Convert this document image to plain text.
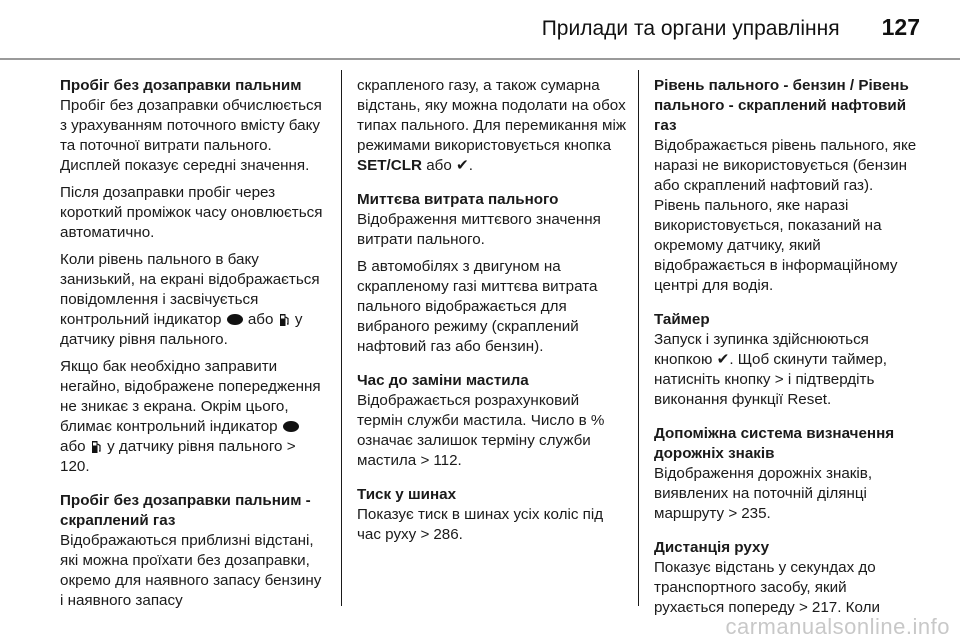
Прилади та органи управління 127
Пробіг без дозаправки пальним

Пробіг без дозаправки обчислюється з урахуванням поточного вмісту баку та поточної витрати пального. Дисплей показує середні значення.

Після дозаправки пробіг через короткий проміжок часу оновлюється автоматично.

Коли рівень пального в баку занизький, на екрані відображається повідомлення і засвічується контрольний індикатор або у датчику рівня пального.

Якщо бак необхідно заправити негайно, відображене попередження не зникає з екрана. Окрім цього, блимає контрольний індикатор  або у датчику рівня пального >120.

Пробіг без дозаправки пальним - скраплений газ

Відображаються приблизні відстані, які можна проїхати без дозаправки, окремо для наявного запасу бензину і наявного запасу

скрапленого газу, а також сумарна відстань, яку можна подолати на обох типах пального. Для перемикання між режимами використовується кнопка SET/CLR або ✔.

Миттєва витрата пального

Відображення миттєвого значення витрати пального.

В автомобілях з двигуном на скрапленому газі миттєва витрата пального відображається для вибраного режиму (скраплений нафтовий газ або бензин).

Час до заміни мастила

Відображається розрахунковий термін служби мастила. Число в % означає залишок терміну служби мастила > 112.

Тиск у шинах

Показує тиск в шинах усіх коліс під час руху > 286.

Рівень пального - бензин / Рівень пального - скраплений нафтовий газ

Відображається рівень пального, яке наразі не використовується (бензин або скраплений нафтовий газ). Рівень пального, яке наразі використовується, показаний на окремому датчику, який відображається в інформаційному центрі для водія.

Таймер

Запуск і зупинка здійснюються кнопкою ✔. Щоб скинути таймер, натисніть кнопку > і підтвердіть виконання функції Reset.

Допоміжна система визначення дорожніх знаків

Відображення дорожніх знаків, виявлених на поточній ділянці маршруту > 235.

Дистанція руху

Показує відстань у секундах до транспортного засобу, який рухається попереду > 217. Коли

carmanualsonline.info
